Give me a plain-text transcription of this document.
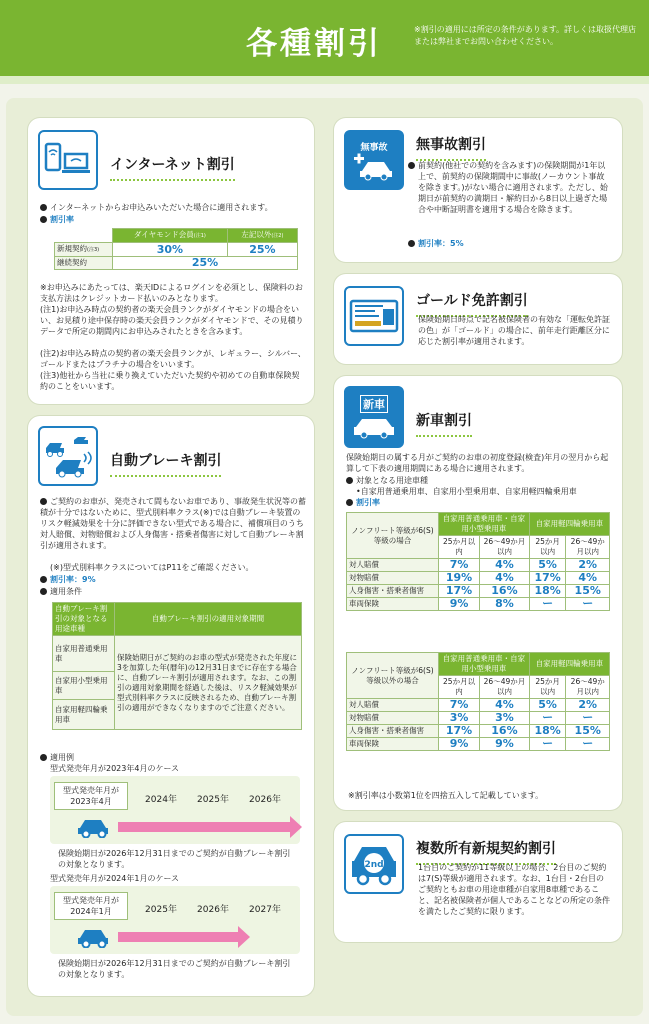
各種割引	※割引の適用には所定の条件があります。詳しくは取扱代理店または弊社までお問い合わせください。
インターネット割引
インターネットからお申込みいただいた場合に適用されます。
割引率
	ダイヤモンド会員(注1)	左記以外(注2)
新規契約(注3)	30%	25%
継続契約	25%	
※お申込みにあたっては、楽天IDによるログインを必須とし、保険料のお支払方法はクレジットカード払いのみとなります。
(注1)お申込み時点の契約者の楽天会員ランクがダイヤモンドの場合をいい、お見積り途中保存時の楽天会員ランクがダイヤモンドで、その見積りデータで所定の期間内にお申込みされたときを含みます。
(注2)お申込み時点の契約者の楽天会員ランクが、レギュラー、シルバー、ゴールドまたはプラチナの場合をいいます。
(注3)他社から当社に乗り換えていただいた契約や初めての自動車保険契約のことをいいます。
自動ブレーキ割引
ご契約のお車が、発売されて間もないお車であり、事故発生状況等の蓄積が十分ではないために、型式別料率クラス(※)では自動ブレーキ装置のリスク軽減効果を十分に評価できない型式である場合に、補償項目のうち対人賠償、対物賠償および人身傷害・搭乗者傷害に対して自動ブレーキ割引が適用されます。
(※)型式別料率クラスについてはP11をご確認ください。
割引率：9%
適用条件
自動ブレーキ割引の対象となる用途車種	自動ブレーキ割引の適用対象期間
自家用普通乗用車	保険始期日がご契約のお車の型式が発売された年度に3を加算した年(暦年)の12月31日までに存在する場合に、自動ブレーキ割引が適用されます。なお、この割引の適用対象期間を経過した後は、リスク軽減効果が型式別料率クラスに反映されるため、自動ブレーキ割引の適用ができなくなりますのでご注意ください。
自家用小型乗用車	
自家用軽四輪乗用車	
適用例
型式発売年月が2023年4月のケース
型式発売年月が2023年4月	2024年	2025年	2026年
保険始期日が2026年12月31日までのご契約が自動ブレーキ割引の対象となります。
型式発売年月が2024年1月のケース
型式発売年月が2024年1月	2025年	2026年	2027年
保険始期日が2026年12月31日までのご契約が自動ブレーキ割引の対象となります。
無事故 無事故割引
前契約(他社での契約を含みます)の保険期間が1年以上で、前契約の保険期間中に事故(ノーカウント事故を除きます。)がない場合に適用されます。ただし、始期日が前契約の満期日・解約日から8日以上過ぎた場合や中断証明書を適用する場合を除きます。
割引率：5%
ゴールド免許割引
保険始期日時点で記名被保険者の有効な「運転免許証の色」が「ゴールド」の場合に、前年走行距離区分に応じた割引率が適用されます。
新車
新車割引
保険始期日の属する月がご契約のお車の初度登録(検査)年月の翌月から起算して下表の適用期間にある場合に適用されます。
対象となる用途車種
•自家用普通乗用車、自家用小型乗用車、自家用軽四輪乗用車
割引率
ノンフリート等級が6(S)等級の場合	自家用普通乗用車・自家用小型乗用車		自家用軽四輪乗用車	
	25か月以内	26〜49か月以内	25か月以内	26〜49か月以内
対人賠償	7%	4%	5%	2%
対物賠償	19%	4%	17%	4%
人身傷害・搭乗者傷害	17%	16%	18%	15%
車両保険	9%	8%	ー	ー
ノンフリート等級が6(S)等級以外の場合	自家用普通乗用車・自家用小型乗用車		自家用軽四輪乗用車	
	25か月以内	26〜49か月以内	25か月以内	26〜49か月以内
対人賠償	7%	4%	5%	2%
対物賠償	3%	3%	ー	ー
人身傷害・搭乗者傷害	17%	16%	18%	15%
車両保険	9%	9%	ー	ー
※割引率は小数第1位を四捨五入して記載しています。
2nd
複数所有新規契約割引
1台目のご契約が11等級以上の場合、2台目のご契約は7(S)等級が適用されます。なお、1台目・2台目のご契約ともお車の用途車種が自家用8車種であること、記名被保険者が個人であることなどの所定の条件を満たしたご契約に限ります。
